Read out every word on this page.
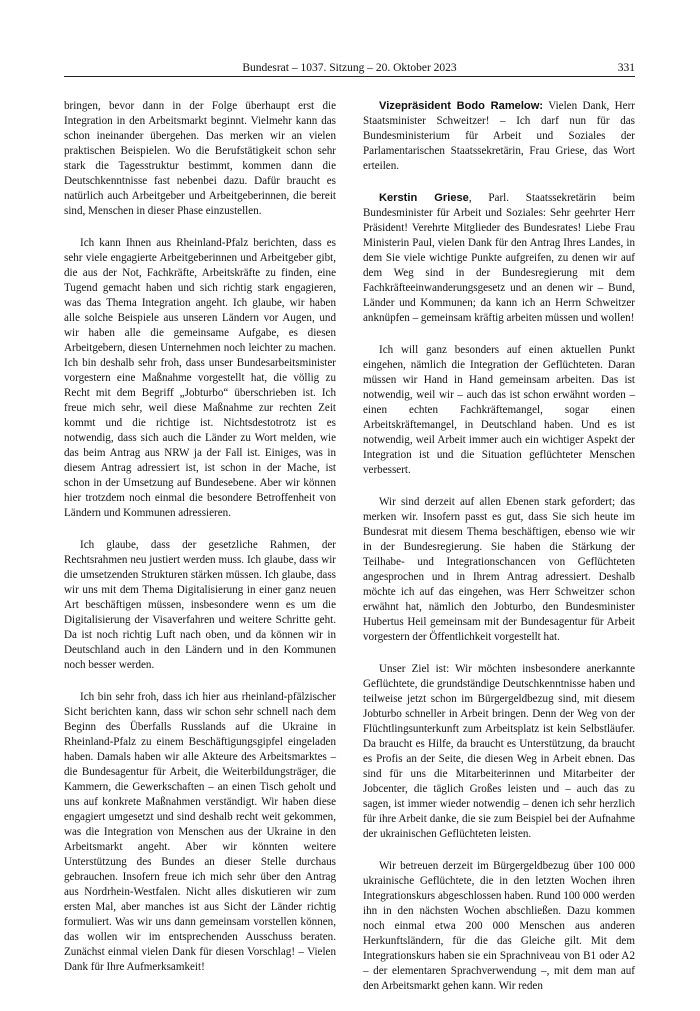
Bundesrat – 1037. Sitzung – 20. Oktober 2023	331

bringen, bevor dann in der Folge überhaupt erst die Integration in den Arbeitsmarkt beginnt. Vielmehr kann das schon ineinander übergehen. Das merken wir an vielen praktischen Beispielen. Wo die Berufstätigkeit schon sehr stark die Tagesstruktur bestimmt, kommen dann die Deutschkenntnisse fast nebenbei dazu. Dafür braucht es natürlich auch Arbeitgeber und Arbeitgeberinnen, die bereit sind, Menschen in dieser Phase einzustellen.

Ich kann Ihnen aus Rheinland-Pfalz berichten, dass es sehr viele engagierte Arbeitgeberinnen und Arbeitgeber gibt, die aus der Not, Fachkräfte, Arbeitskräfte zu finden, eine Tugend gemacht haben und sich richtig stark engagieren, was das Thema Integration angeht. Ich glaube, wir haben alle solche Beispiele aus unseren Ländern vor Augen, und wir haben alle die gemeinsame Aufgabe, es diesen Arbeitgebern, diesen Unternehmen noch leichter zu machen. Ich bin deshalb sehr froh, dass unser Bundesarbeitsminister vorgestern eine Maßnahme vorgestellt hat, die völlig zu Recht mit dem Begriff „Jobturbo“ überschrieben ist. Ich freue mich sehr, weil diese Maßnahme zur rechten Zeit kommt und die richtige ist. Nichtsdestotrotz ist es notwendig, dass sich auch die Länder zu Wort melden, wie das beim Antrag aus NRW ja der Fall ist. Einiges, was in diesem Antrag adressiert ist, ist schon in der Mache, ist schon in der Umsetzung auf Bundesebene. Aber wir können hier trotzdem noch einmal die besondere Betroffenheit von Ländern und Kommunen adressieren.

Ich glaube, dass der gesetzliche Rahmen, der Rechtsrahmen neu justiert werden muss. Ich glaube, dass wir die umsetzenden Strukturen stärken müssen. Ich glaube, dass wir uns mit dem Thema Digitalisierung in einer ganz neuen Art beschäftigen müssen, insbesondere wenn es um die Digitalisierung der Visaverfahren und weitere Schritte geht. Da ist noch richtig Luft nach oben, und da können wir in Deutschland auch in den Ländern und in den Kommunen noch besser werden.

Ich bin sehr froh, dass ich hier aus rheinland-pfälzischer Sicht berichten kann, dass wir schon sehr schnell nach dem Beginn des Überfalls Russlands auf die Ukraine in Rheinland-Pfalz zu einem Beschäftigungsgipfel eingeladen haben. Damals haben wir alle Akteure des Arbeitsmarktes – die Bundesagentur für Arbeit, die Weiterbildungsträger, die Kammern, die Gewerkschaften – an einen Tisch geholt und uns auf konkrete Maßnahmen verständigt. Wir haben diese engagiert umgesetzt und sind deshalb recht weit gekommen, was die Integration von Menschen aus der Ukraine in den Arbeitsmarkt angeht. Aber wir könnten weitere Unterstützung des Bundes an dieser Stelle durchaus gebrauchen. Insofern freue ich mich sehr über den Antrag aus Nordrhein-Westfalen. Nicht alles diskutieren wir zum ersten Mal, aber manches ist aus Sicht der Länder richtig formuliert. Was wir uns dann gemeinsam vorstellen können, das wollen wir im entsprechenden Ausschuss beraten. Zunächst einmal vielen Dank für diesen Vorschlag! – Vielen Dank für Ihre Aufmerksamkeit!

Vizepräsident Bodo Ramelow: Vielen Dank, Herr Staatsminister Schweitzer! – Ich darf nun für das Bundesministerium für Arbeit und Soziales der Parlamentarischen Staatssekretärin, Frau Griese, das Wort erteilen.

Kerstin Griese, Parl. Staatssekretärin beim Bundesminister für Arbeit und Soziales: Sehr geehrter Herr Präsident! Verehrte Mitglieder des Bundesrates! Liebe Frau Ministerin Paul, vielen Dank für den Antrag Ihres Landes, in dem Sie viele wichtige Punkte aufgreifen, zu denen wir auf dem Weg sind in der Bundesregierung mit dem Fachkräfteeinwanderungsgesetz und an denen wir – Bund, Länder und Kommunen; da kann ich an Herrn Schweitzer anknüpfen – gemeinsam kräftig arbeiten müssen und wollen!

Ich will ganz besonders auf einen aktuellen Punkt eingehen, nämlich die Integration der Geflüchteten. Daran müssen wir Hand in Hand gemeinsam arbeiten. Das ist notwendig, weil wir – auch das ist schon erwähnt worden – einen echten Fachkräftemangel, sogar einen Arbeitskräftemangel, in Deutschland haben. Und es ist notwendig, weil Arbeit immer auch ein wichtiger Aspekt der Integration ist und die Situation geflüchteter Menschen verbessert.

Wir sind derzeit auf allen Ebenen stark gefordert; das merken wir. Insofern passt es gut, dass Sie sich heute im Bundesrat mit diesem Thema beschäftigen, ebenso wie wir in der Bundesregierung. Sie haben die Stärkung der Teilhabe- und Integrationschancen von Geflüchteten angesprochen und in Ihrem Antrag adressiert. Deshalb möchte ich auf das eingehen, was Herr Schweitzer schon erwähnt hat, nämlich den Jobturbo, den Bundesminister Hubertus Heil gemeinsam mit der Bundesagentur für Arbeit vorgestern der Öffentlichkeit vorgestellt hat.

Unser Ziel ist: Wir möchten insbesondere anerkannte Geflüchtete, die grundständige Deutschkenntnisse haben und teilweise jetzt schon im Bürgergeldbezug sind, mit diesem Jobturbo schneller in Arbeit bringen. Denn der Weg von der Flüchtlingsunterkunft zum Arbeitsplatz ist kein Selbstläufer. Da braucht es Hilfe, da braucht es Unterstützung, da braucht es Profis an der Seite, die diesen Weg in Arbeit ebnen. Das sind für uns die Mitarbeiterinnen und Mitarbeiter der Jobcenter, die täglich Großes leisten und – auch das zu sagen, ist immer wieder notwendig – denen ich sehr herzlich für ihre Arbeit danke, die sie zum Beispiel bei der Aufnahme der ukrainischen Geflüchteten leisten.

Wir betreuen derzeit im Bürgergeldbezug über 100 000 ukrainische Geflüchtete, die in den letzten Wochen ihren Integrationskurs abgeschlossen haben. Rund 100 000 werden ihn in den nächsten Wochen abschließen. Dazu kommen noch einmal etwa 200 000 Menschen aus anderen Herkunftsländern, für die das Gleiche gilt. Mit dem Integrationskurs haben sie ein Sprachniveau von B1 oder A2 – der elementaren Sprachverwendung –, mit dem man auf den Arbeitsmarkt gehen kann. Wir reden
